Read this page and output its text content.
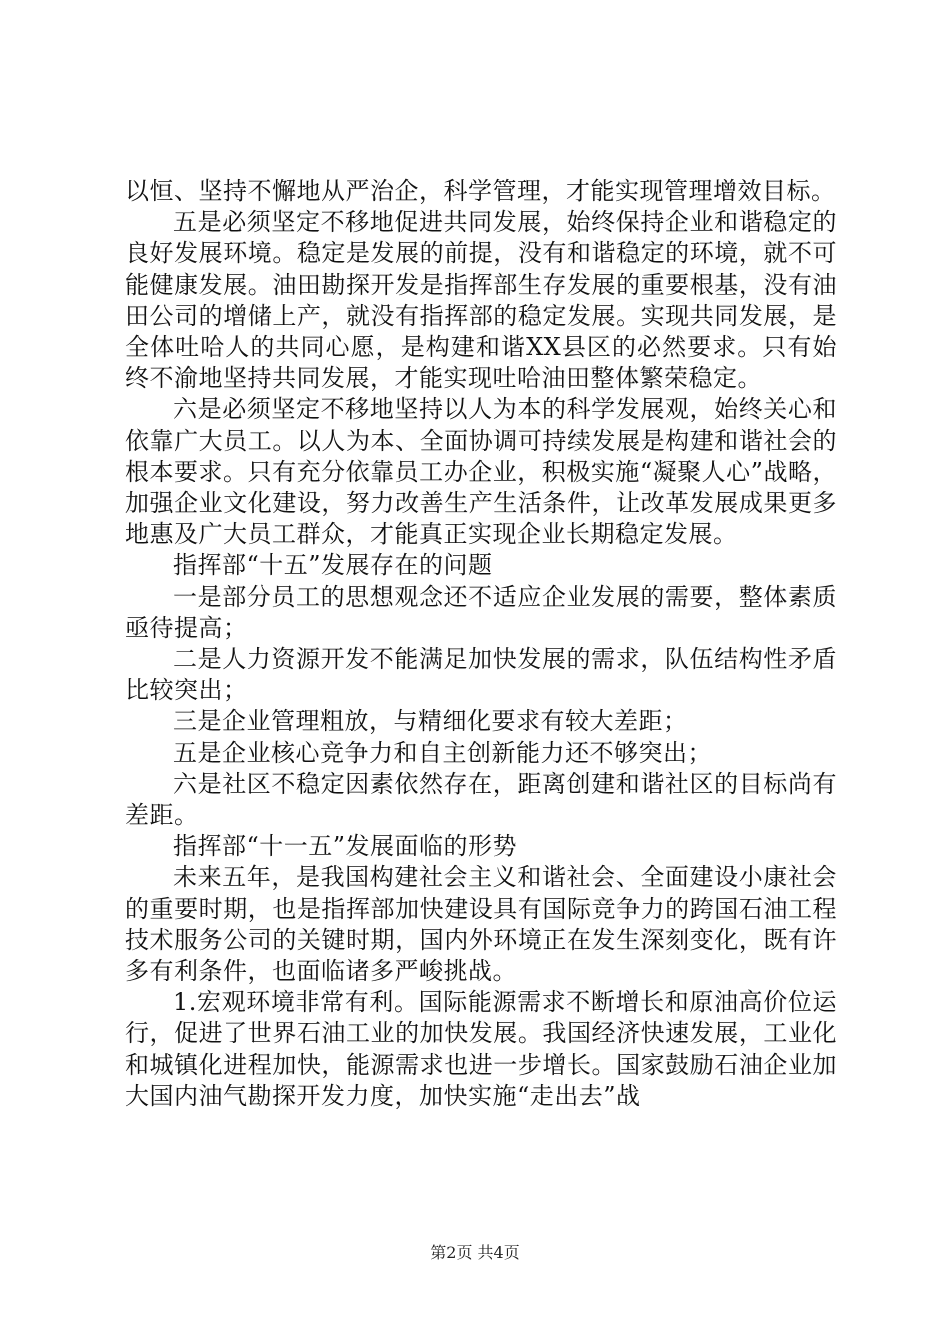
以恒、坚持不懈地从严治企，科学管理，才能实现管理增效目标。

五是必须坚定不移地促进共同发展，始终保持企业和谐稳定的良好发展环境。稳定是发展的前提，没有和谐稳定的环境，就不可能健康发展。油田勘探开发是指挥部生存发展的重要根基，没有油田公司的增储上产，就没有指挥部的稳定发展。实现共同发展，是全体吐哈人的共同心愿，是构建和谐XX县区的必然要求。只有始终不渝地坚持共同发展，才能实现吐哈油田整体繁荣稳定。

六是必须坚定不移地坚持以人为本的科学发展观，始终关心和依靠广大员工。以人为本、全面协调可持续发展是构建和谐社会的根本要求。只有充分依靠员工办企业，积极实施“凝聚人心”战略，加强企业文化建设，努力改善生产生活条件，让改革发展成果更多地惠及广大员工群众，才能真正实现企业长期稳定发展。

指挥部“十五”发展存在的问题

一是部分员工的思想观念还不适应企业发展的需要，整体素质亟待提高；

二是人力资源开发不能满足加快发展的需求，队伍结构性矛盾比较突出；

三是企业管理粗放，与精细化要求有较大差距；

五是企业核心竞争力和自主创新能力还不够突出；

六是社区不稳定因素依然存在，距离创建和谐社区的目标尚有差距。

指挥部“十一五”发展面临的形势

未来五年，是我国构建社会主义和谐社会、全面建设小康社会的重要时期，也是指挥部加快建设具有国际竞争力的跨国石油工程技术服务公司的关键时期，国内外环境正在发生深刻变化，既有许多有利条件，也面临诸多严峻挑战。

1.宏观环境非常有利。国际能源需求不断增长和原油高价位运行，促进了世界石油工业的加快发展。我国经济快速发展，工业化和城镇化进程加快，能源需求也进一步增长。国家鼓励石油企业加大国内油气勘探开发力度，加快实施“走出去”战

第2页 共4页
